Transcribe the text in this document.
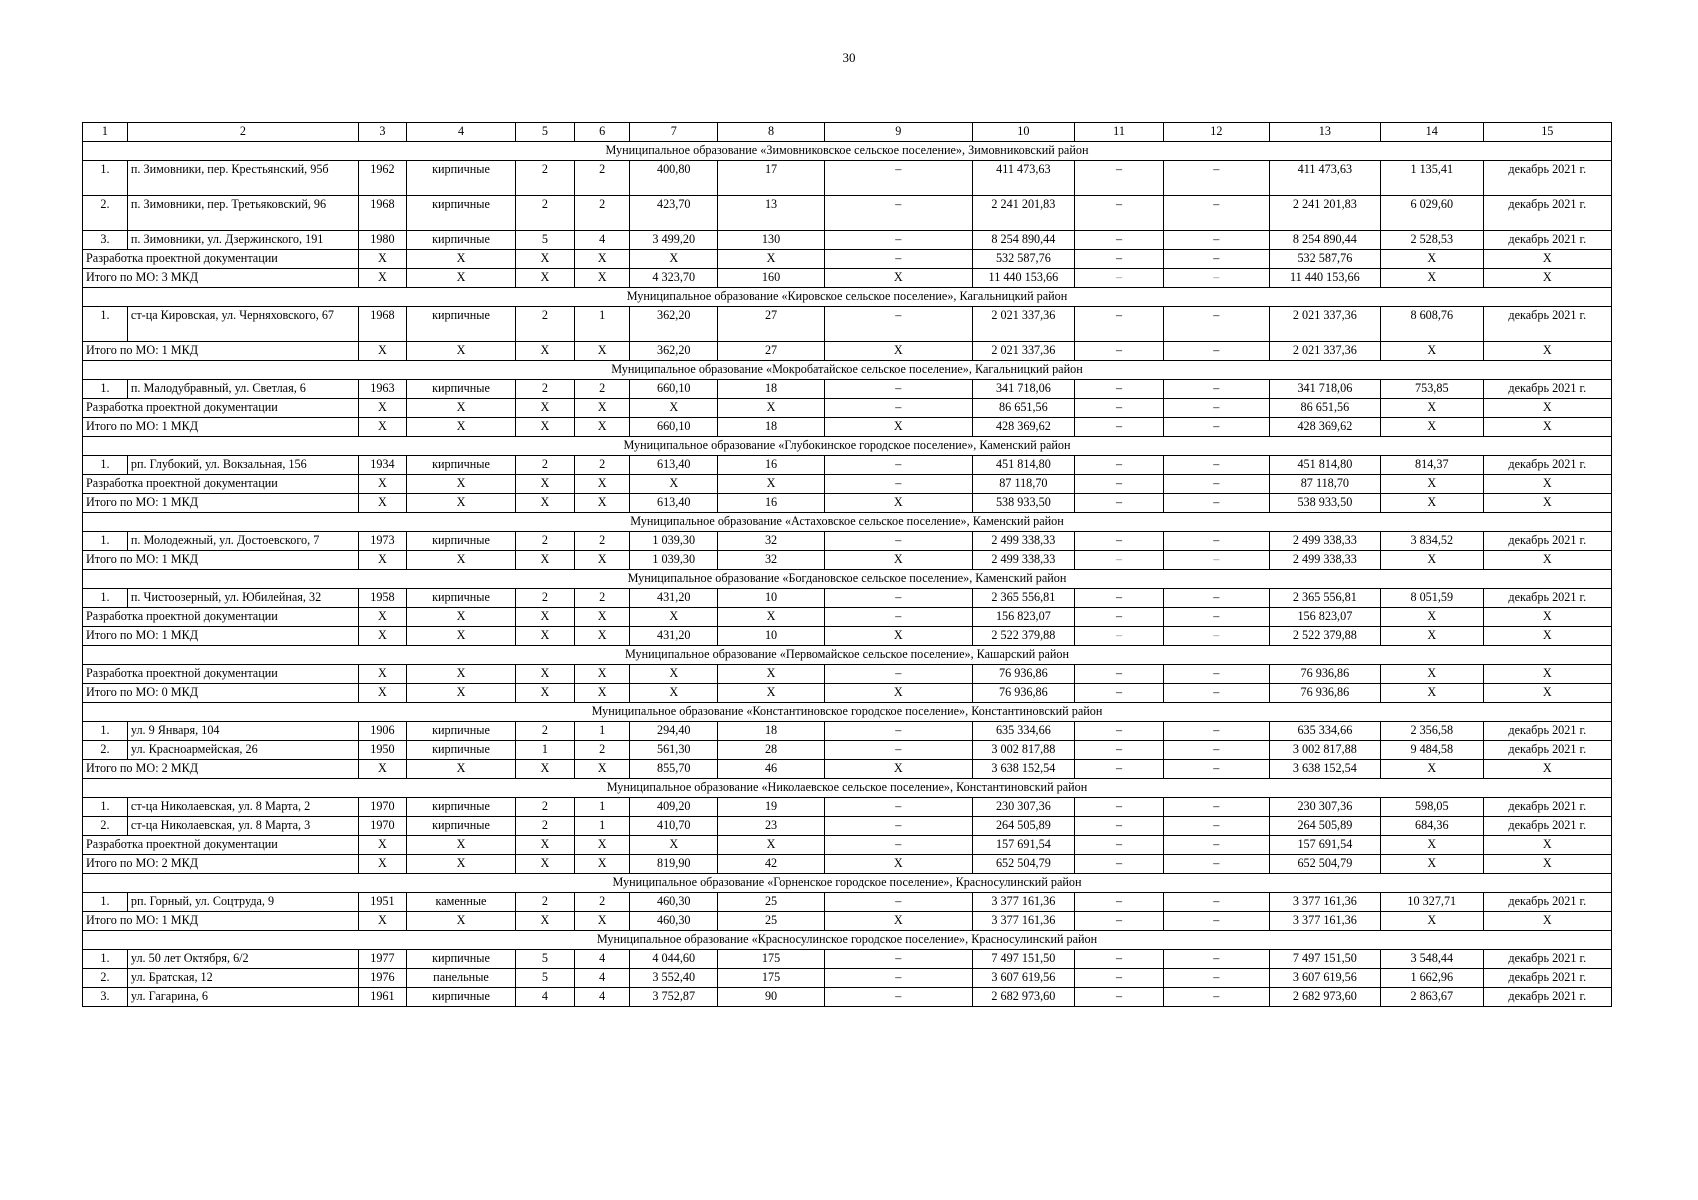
30
1	2	3	4	5	6	7	8	9	10	11	12	13	14	15
Муниципальное образование «Зимовниковское сельское поселение», Зимовниковский район														
1.	п. Зимовники, пер. Крестьянский, 95б	1962	кирпичные	2	2	400,80	17	–	411 473,63	–	–	411 473,63	1 135,41	декабрь 2021 г.
2.	п. Зимовники, пер. Третьяковский, 96	1968	кирпичные	2	2	423,70	13	–	2 241 201,83	–	–	2 241 201,83	6 029,60	декабрь 2021 г.
3.	п. Зимовники, ул. Дзержинского, 191	1980	кирпичные	5	4	3 499,20	130	–	8 254 890,44	–	–	8 254 890,44	2 528,53	декабрь 2021 г.
Разработка проектной документации		X	X	X	X	X	X	–	532 587,76	–	–	532 587,76	X	X
Итого по МО: 3 МКД		X	X	X	X	4 323,70	160	X	11 440 153,66	–	–	11 440 153,66	X	X
Муниципальное образование «Кировское сельское поселение», Кагальницкий район														
1.	ст-ца Кировская, ул. Черняховского, 67	1968	кирпичные	2	1	362,20	27	–	2 021 337,36	–	–	2 021 337,36	8 608,76	декабрь 2021 г.
Итого по МО: 1 МКД		X	X	X	X	362,20	27	X	2 021 337,36	–	–	2 021 337,36	X	X
Муниципальное образование «Мокробатайское сельское поселение», Кагальницкий район														
1.	п. Малодубравный, ул. Светлая, 6	1963	кирпичные	2	2	660,10	18	–	341 718,06	–	–	341 718,06	753,85	декабрь 2021 г.
Разработка проектной документации		X	X	X	X	X	X	–	86 651,56	–	–	86 651,56	X	X
Итого по МО: 1 МКД		X	X	X	X	660,10	18	X	428 369,62	–	–	428 369,62	X	X
Муниципальное образование «Глубокинское городское поселение», Каменский район														
1.	рп. Глубокий, ул. Вокзальная, 156	1934	кирпичные	2	2	613,40	16	–	451 814,80	–	–	451 814,80	814,37	декабрь 2021 г.
Разработка проектной документации		X	X	X	X	X	X	–	87 118,70	–	–	87 118,70	X	X
Итого по МО: 1 МКД		X	X	X	X	613,40	16	X	538 933,50	–	–	538 933,50	X	X
Муниципальное образование «Астаховское сельское поселение», Каменский район														
1.	п. Молодежный, ул. Достоевского, 7	1973	кирпичные	2	2	1 039,30	32	–	2 499 338,33	–	–	2 499 338,33	3 834,52	декабрь 2021 г.
Итого по МО: 1 МКД		X	X	X	X	1 039,30	32	X	2 499 338,33	–	–	2 499 338,33	X	X
Муниципальное образование «Богдановское сельское поселение», Каменский район														
1.	п. Чистоозерный, ул. Юбилейная, 32	1958	кирпичные	2	2	431,20	10	–	2 365 556,81	–	–	2 365 556,81	8 051,59	декабрь 2021 г.
Разработка проектной документации		X	X	X	X	X	X	–	156 823,07	–	–	156 823,07	X	X
Итого по МО: 1 МКД		X	X	X	X	431,20	10	X	2 522 379,88	–	–	2 522 379,88	X	X
Муниципальное образование «Первомайское сельское поселение», Кашарский район														
Разработка проектной документации		X	X	X	X	X	X	–	76 936,86	–	–	76 936,86	X	X
Итого по МО: 0 МКД		X	X	X	X	X	X	X	76 936,86	–	–	76 936,86	X	X
Муниципальное образование «Константиновское городское поселение», Константиновский район														
1.	ул. 9 Января, 104	1906	кирпичные	2	1	294,40	18	–	635 334,66	–	–	635 334,66	2 356,58	декабрь 2021 г.
2.	ул. Красноармейская, 26	1950	кирпичные	1	2	561,30	28	–	3 002 817,88	–	–	3 002 817,88	9 484,58	декабрь 2021 г.
Итого по МО: 2 МКД		X	X	X	X	855,70	46	X	3 638 152,54	–	–	3 638 152,54	X	X
Муниципальное образование «Николаевское сельское поселение», Константиновский район														
1.	ст-ца Николаевская, ул. 8 Марта, 2	1970	кирпичные	2	1	409,20	19	–	230 307,36	–	–	230 307,36	598,05	декабрь 2021 г.
2.	ст-ца Николаевская, ул. 8 Марта, 3	1970	кирпичные	2	1	410,70	23	–	264 505,89	–	–	264 505,89	684,36	декабрь 2021 г.
Разработка проектной документации		X	X	X	X	X	X	–	157 691,54	–	–	157 691,54	X	X
Итого по МО: 2 МКД		X	X	X	X	819,90	42	X	652 504,79	–	–	652 504,79	X	X
Муниципальное образование «Горненское городское поселение», Красносулинский район														
1.	рп. Горный, ул. Соцтруда, 9	1951	каменные	2	2	460,30	25	–	3 377 161,36	–	–	3 377 161,36	10 327,71	декабрь 2021 г.
Итого по МО: 1 МКД		X	X	X	X	460,30	25	X	3 377 161,36	–	–	3 377 161,36	X	X
Муниципальное образование «Красносулинское городское поселение», Красносулинский район														
1.	ул. 50 лет Октября, 6/2	1977	кирпичные	5	4	4 044,60	175	–	7 497 151,50	–	–	7 497 151,50	3 548,44	декабрь 2021 г.
2.	ул. Братская, 12	1976	панельные	5	4	3 552,40	175	–	3 607 619,56	–	–	3 607 619,56	1 662,96	декабрь 2021 г.
3.	ул. Гагарина, 6	1961	кирпичные	4	4	3 752,87	90	–	2 682 973,60	–	–	2 682 973,60	2 863,67	декабрь 2021 г.
